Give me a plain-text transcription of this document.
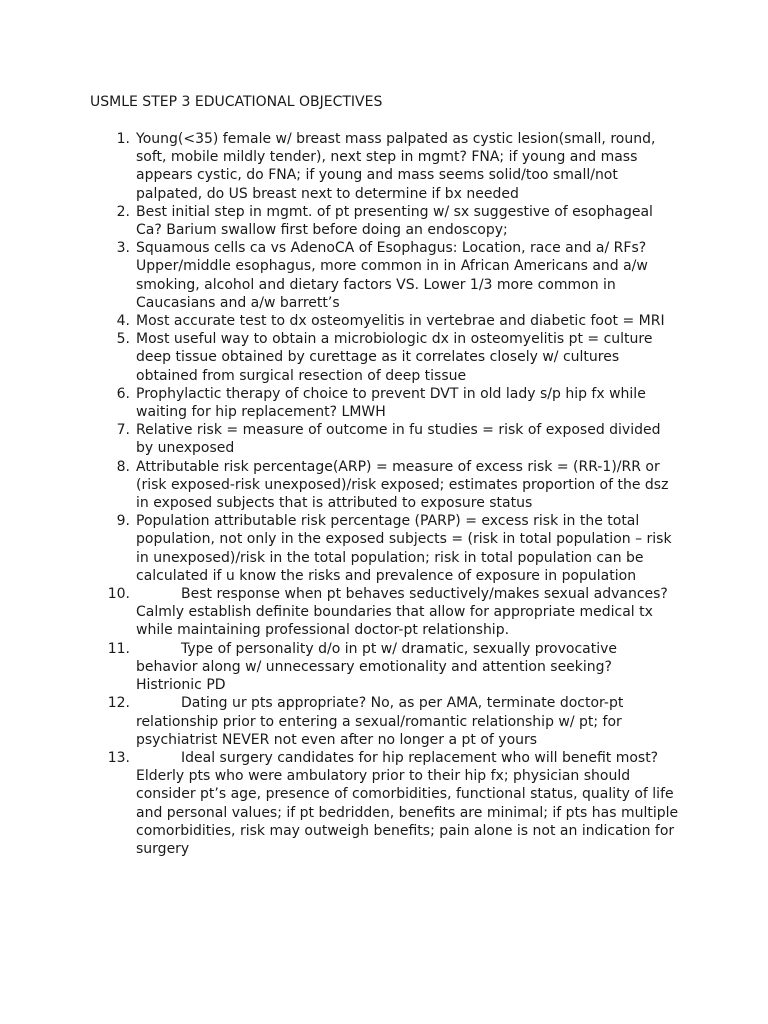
USMLE STEP 3 EDUCATIONAL OBJECTIVES
1. Young(<35) female w/ breast mass palpated as cystic lesion(small, round, soft, mobile mildly tender), next step in mgmt? FNA; if young and mass appears cystic, do FNA; if young and mass seems solid/too small/not palpated, do US breast next to determine if bx needed
2. Best initial step in mgmt. of pt presenting w/ sx suggestive of esophageal Ca? Barium swallow first before doing an endoscopy;
3. Squamous cells ca vs AdenoCA of Esophagus: Location, race and a/ RFs? Upper/middle esophagus, more common in in African Americans and a/w smoking, alcohol and dietary factors VS. Lower 1/3 more common in Caucasians and a/w barrett’s
4. Most accurate test to dx osteomyelitis in vertebrae and diabetic foot = MRI
5. Most useful way to obtain a microbiologic dx in osteomyelitis pt = culture deep tissue obtained by curettage as it correlates closely w/ cultures obtained from surgical resection of deep tissue
6. Prophylactic therapy of choice to prevent DVT in old lady s/p hip fx while waiting for hip replacement? LMWH
7. Relative risk = measure of outcome in fu studies = risk of exposed divided by unexposed
8. Attributable risk percentage(ARP) = measure of excess risk = (RR-1)/RR or (risk exposed-risk unexposed)/risk exposed; estimates proportion of the dsz in exposed subjects that is attributed to exposure status
9. Population attributable risk percentage (PARP) = excess risk in the total population, not only in the exposed subjects = (risk in total population – risk in unexposed)/risk in the total population; risk in total population can be calculated if u know the risks and prevalence of exposure in population
10.	Best response when pt behaves seductively/makes sexual advances? Calmly establish definite boundaries that allow for appropriate medical tx while maintaining professional doctor-pt relationship.
11.	Type of personality d/o in pt w/ dramatic, sexually provocative behavior along w/ unnecessary emotionality and attention seeking? Histrionic PD
12.	Dating ur pts appropriate? No, as per AMA, terminate doctor-pt relationship prior to entering a sexual/romantic relationship w/ pt; for psychiatrist NEVER not even after no longer a pt of yours
13.	Ideal surgery candidates for hip replacement who will benefit most? Elderly pts who were ambulatory prior to their hip fx; physician should consider pt’s age, presence of comorbidities, functional status, quality of life and personal values; if pt bedridden, benefits are minimal; if pts has multiple comorbidities, risk may outweigh benefits; pain alone is not an indication for surgery
